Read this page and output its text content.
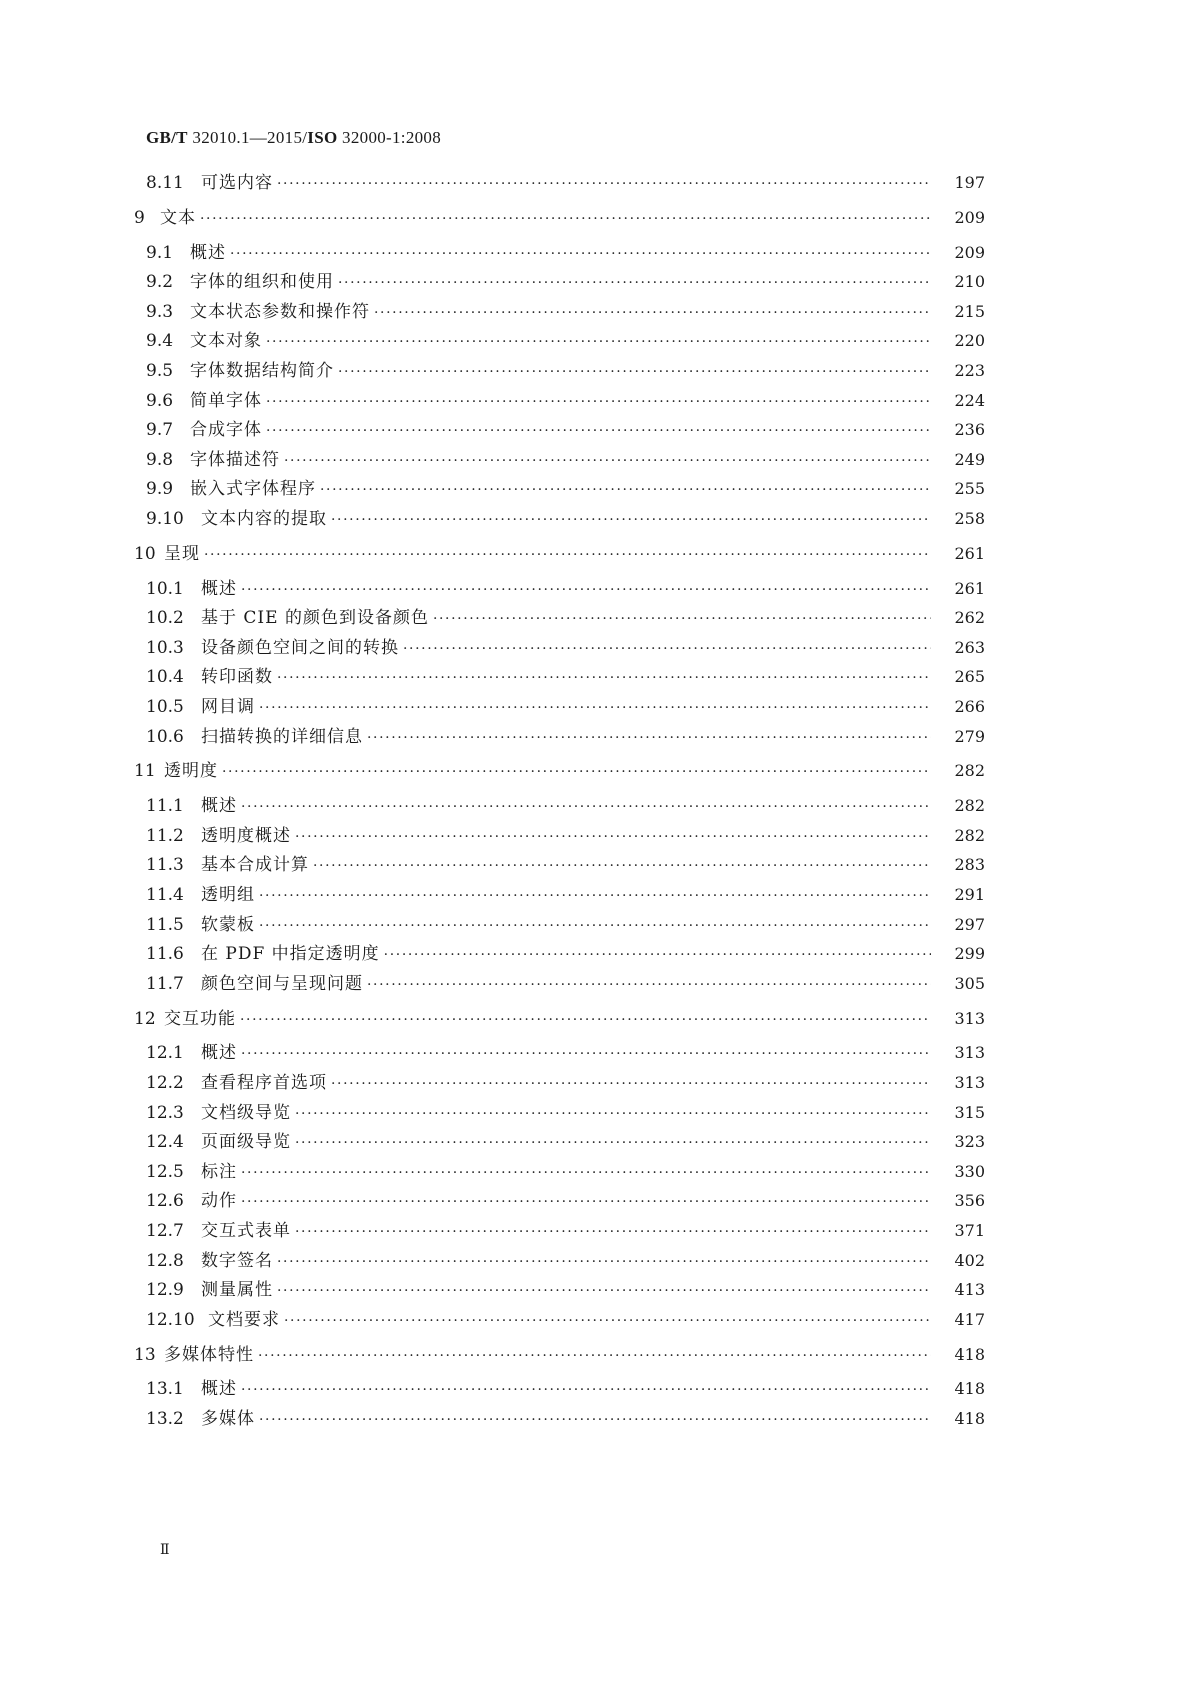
GB/T 32010.1—2015/ISO 32000-1:2008
8.11	可选内容 ·····	197
9 文本 ·····	209
9.1 概述 ·····	209
9.2 字体的组织和使用 ·····	210
9.3 文本状态参数和操作符 ·····	215
9.4 文本对象 ·····	220
9.5 字体数据结构简介 ·····	223
9.6 简单字体 ·····	224
9.7 合成字体 ·····	236
9.8 字体描述符 ·····	249
9.9 嵌入式字体程序 ·····	255
9.10	文本内容的提取 ·····	258
10 呈现 ·····	261
10.1	概述 ·····	261
10.2	基于 CIE 的颜色到设备颜色 ·····	262
10.3	设备颜色空间之间的转换 ·····	263
10.4	转印函数 ·····	265
10.5	网目调 ·····	266
10.6	扫描转换的详细信息 ·····	279
11 透明度 ·····	282
11.1	概述 ·····	282
11.2	透明度概述 ·····	282
11.3	基本合成计算 ·····	283
11.4	透明组 ·····	291
11.5	软蒙板 ·····	297
11.6	在 PDF 中指定透明度 ·····	299
11.7	颜色空间与呈现问题 ·····	305
12 交互功能 ·····	313
12.1	概述 ·····	313
12.2	查看程序首选项 ·····	313
12.3	文档级导览 ·····	315
12.4	页面级导览 ·····	323
12.5	标注 ·····	330
12.6	动作 ·····	356
12.7	交互式表单 ·····	371
12.8	数字签名 ·····	402
12.9	测量属性 ·····	413
12.10 文档要求 ·····	417
13 多媒体特性 ·····	418
13.1	概述 ·····	418
13.2	多媒体 ·····	418
Ⅱ
